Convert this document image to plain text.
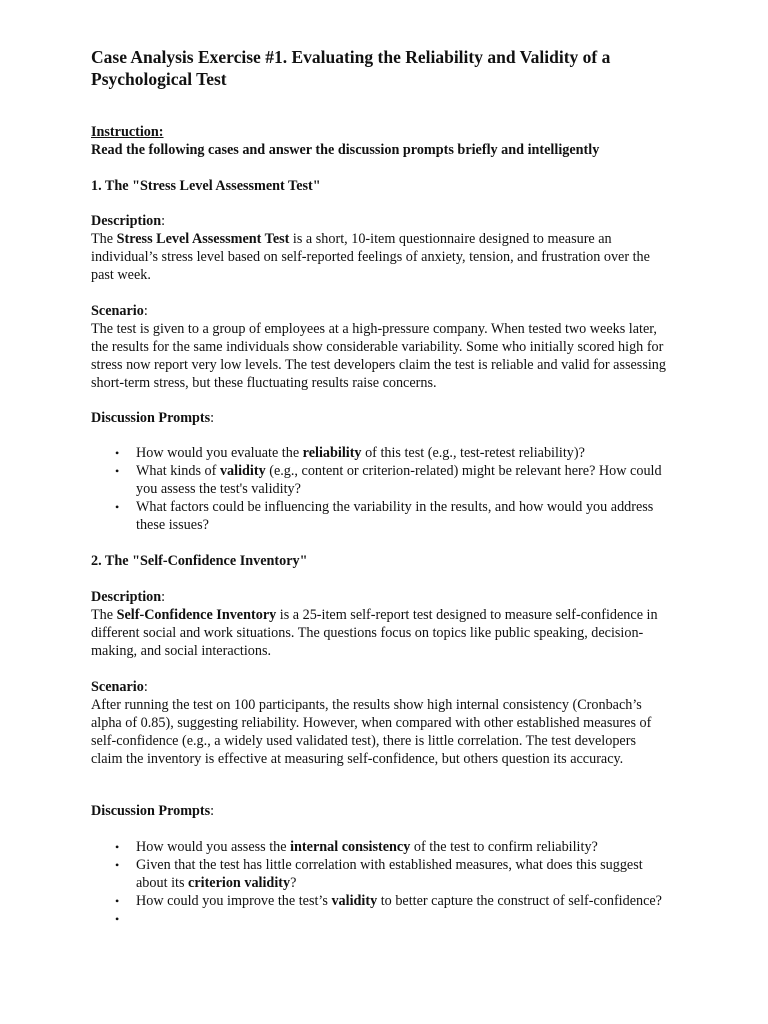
Case Analysis Exercise #1. Evaluating the Reliability and Validity of a Psychological Test

Instruction:

Read the following cases and answer the discussion prompts briefly and intelligently

1. The "Stress Level Assessment Test"

Description:

The Stress Level Assessment Test is a short, 10-item questionnaire designed to measure an individual’s stress level based on self-reported feelings of anxiety, tension, and frustration over the past week.

Scenario:

The test is given to a group of employees at a high-pressure company. When tested two weeks later, the results for the same individuals show considerable variability. Some who initially scored high for stress now report very low levels. The test developers claim the test is reliable and valid for assessing short-term stress, but these fluctuating results raise concerns.

Discussion Prompts:

• How would you evaluate the reliability of this test (e.g., test-retest reliability)?
• What kinds of validity (e.g., content or criterion-related) might be relevant here? How could you assess the test's validity?
• What factors could be influencing the variability in the results, and how would you address these issues?
2. The "Self-Confidence Inventory"

Description:

The Self-Confidence Inventory is a 25-item self-report test designed to measure self-confidence in different social and work situations. The questions focus on topics like public speaking, decision-making, and social interactions.

Scenario:

After running the test on 100 participants, the results show high internal consistency (Cronbach’s alpha of 0.85), suggesting reliability. However, when compared with other established measures of self-confidence (e.g., a widely used validated test), there is little correlation. The test developers claim the inventory is effective at measuring self-confidence, but others question its accuracy.

Discussion Prompts:

• How would you assess the internal consistency of the test to confirm reliability?
• Given that the test has little correlation with established measures, what does this suggest about its criterion validity?
• How could you improve the test’s validity to better capture the construct of self-confidence?
•
